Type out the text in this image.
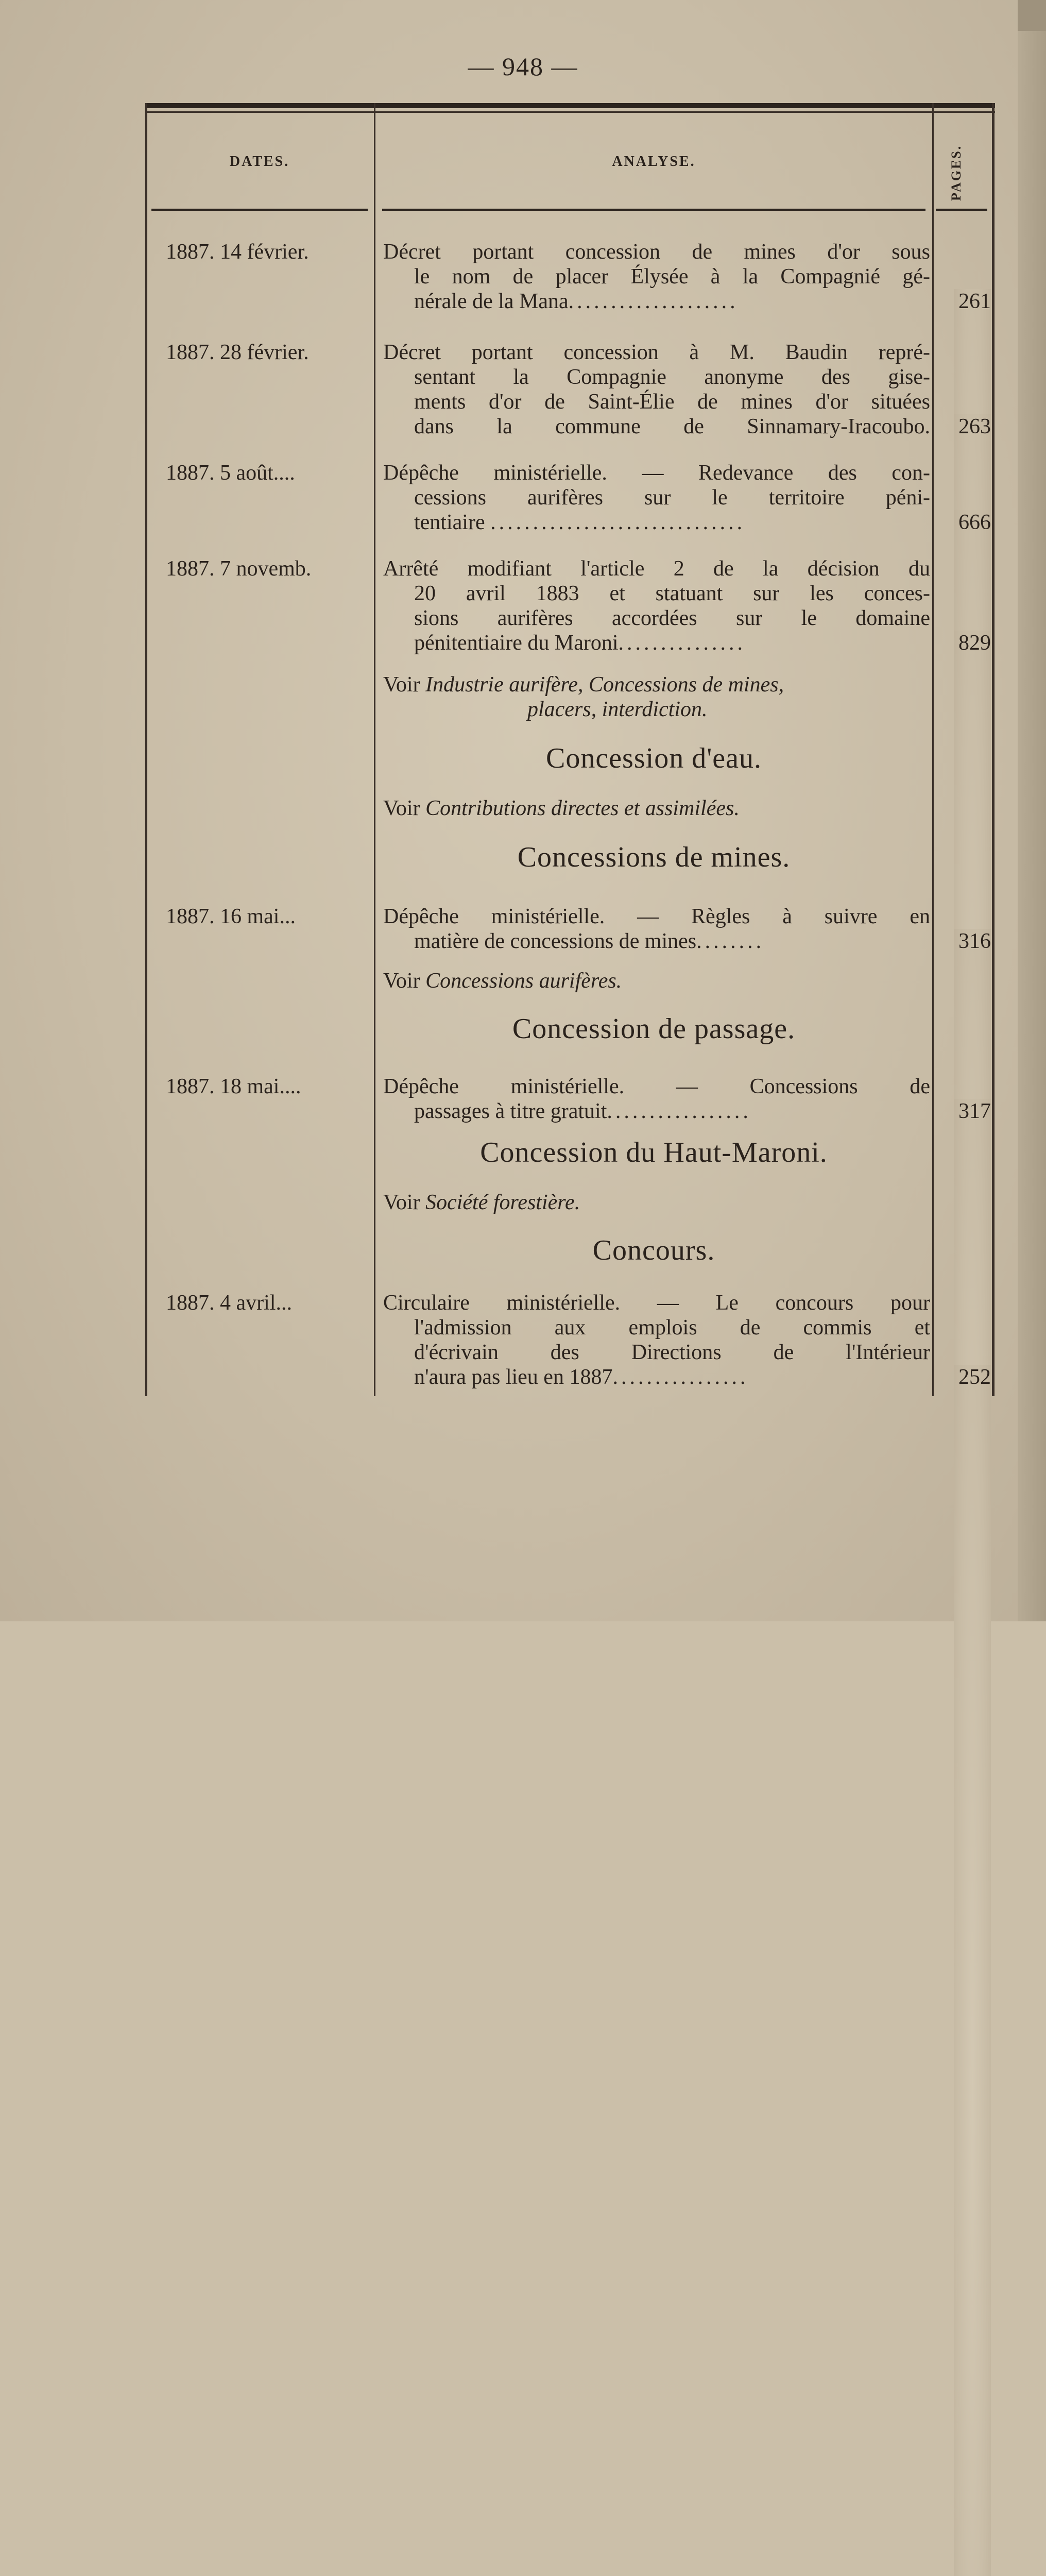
— 948 —
DATES.	ANALYSE.	PAGES.
1887. 14 février.	Décret portant concession de mines d'or sous
le nom de placer Élysée à la Compagnié gé-
nérale de la Mana....................	261
1887. 28 février.	Décret portant concession à M. Baudin repré-
sentant la Compagnie anonyme des gise-
ments d'or de Saint-Élie de mines d'or situées
dans la commune de Sinnamary-Iracoubo. 263
1887. 5 août....	Dépêche ministérielle. — Redevance des con-
cessions aurifères sur le territoire péni-
tentiaire ..............................	666
1887. 7 novemb.	Arrêté modifiant l'article 2 de la décision du
20 avril 1883 et statuant sur les conces-
sions aurifères accordées sur le domaine
pénitentiaire du Maroni...............	829
Voir Industrie aurifère, Concessions de mines,
placers, interdiction.
Concession d'eau.
Voir Contributions directes et assimilées.
Concessions de mines.
1887. 16 mai...	Dépêche ministérielle. — Règles à suivre en
matière de concessions de mines........	316
Voir Concessions aurifères.
Concession de passage.
1887. 18 mai....	Dépêche ministérielle. — Concessions de
passages à titre gratuit.................	317
Concession du Haut-Maroni.
Voir Société forestière.
Concours.
1887. 4 avril...	Circulaire ministérielle. — Le concours pour
l'admission aux emplois de commis et
d'écrivain des Directions de l'Intérieur
n'aura pas lieu en 1887................	252
